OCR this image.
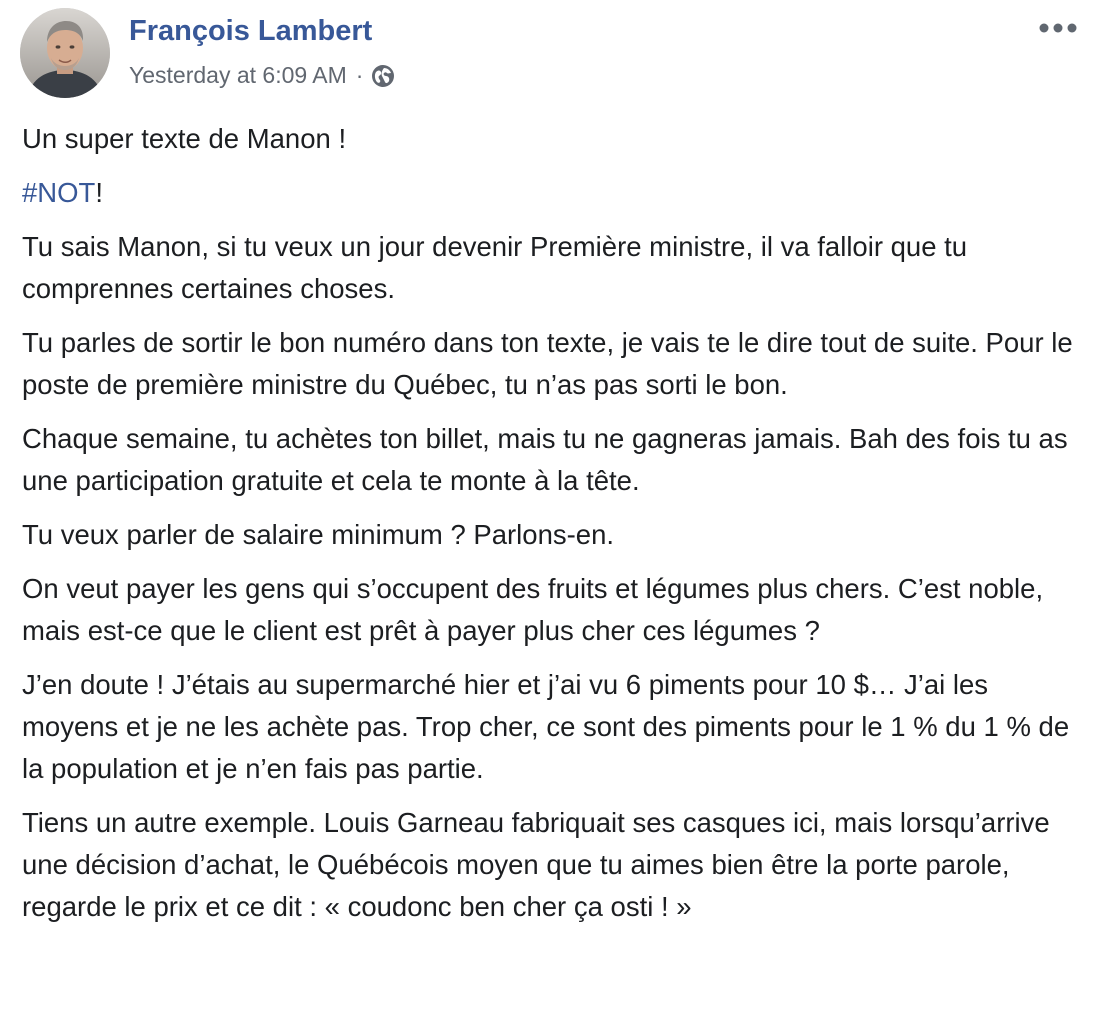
François Lambert
Yesterday at 6:09 AM ·

Un super texte de Manon !

#NOT!

Tu sais Manon, si tu veux un jour devenir Première ministre, il va falloir que tu comprennes certaines choses.

Tu parles de sortir le bon numéro dans ton texte, je vais te le dire tout de suite. Pour le poste de première ministre du Québec, tu n’as pas sorti le bon.

Chaque semaine, tu achètes ton billet, mais tu ne gagneras jamais. Bah des fois tu as une participation gratuite et cela te monte à la tête.

Tu veux parler de salaire minimum ? Parlons-en.

On veut payer les gens qui s’occupent des fruits et légumes plus chers. C’est noble, mais est-ce que le client est prêt à payer plus cher ces légumes ?

J’en doute ! J’étais au supermarché hier et j’ai vu 6 piments pour 10 $… J’ai les moyens et je ne les achète pas. Trop cher, ce sont des piments pour le 1 % du 1 % de la population et je n’en fais pas partie.

Tiens un autre exemple. Louis Garneau fabriquait ses casques ici, mais lorsqu’arrive une décision d’achat, le Québécois moyen que tu aimes bien être la porte parole, regarde le prix et ce dit : « coudonc ben cher ça osti ! »
